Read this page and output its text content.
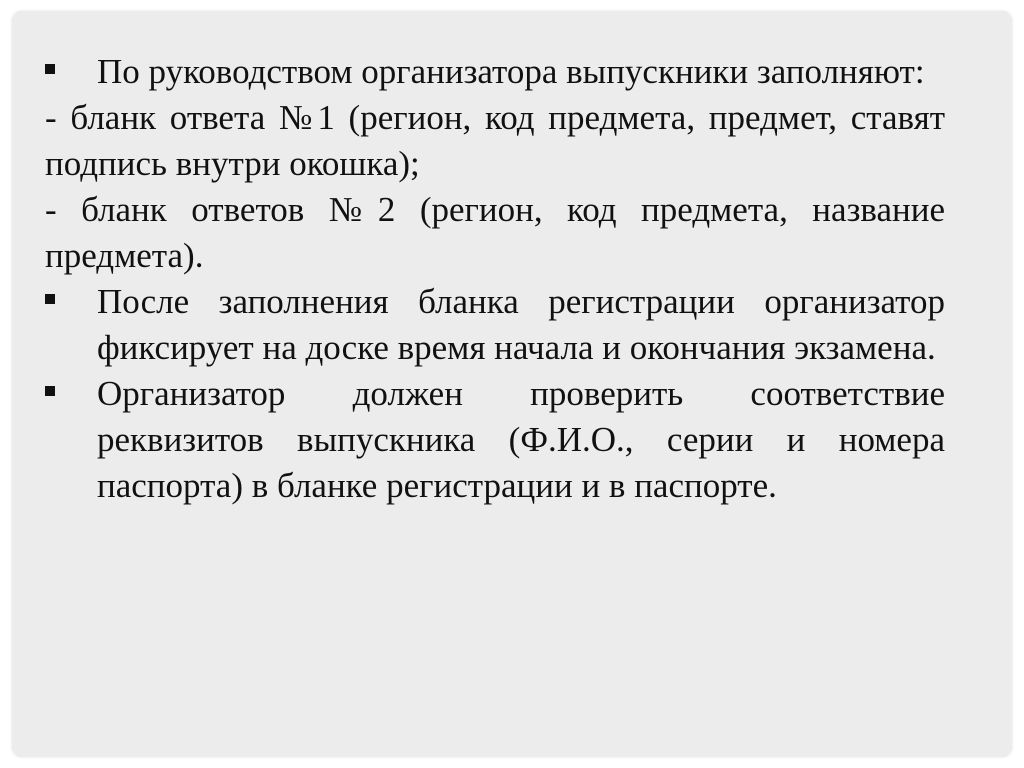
По руководством организатора выпускники заполняют:

- бланк ответа №1 (регион, код предмета, предмет, ставят подпись внутри окошка);

- бланк ответов №2 (регион, код предмета, название предмета).

После заполнения бланка регистрации организатор фиксирует на доске время начала и окончания экзамена.

Организатор должен проверить соответствие реквизитов выпускника (Ф.И.О., серии и номера паспорта) в бланке регистрации и в паспорте.
